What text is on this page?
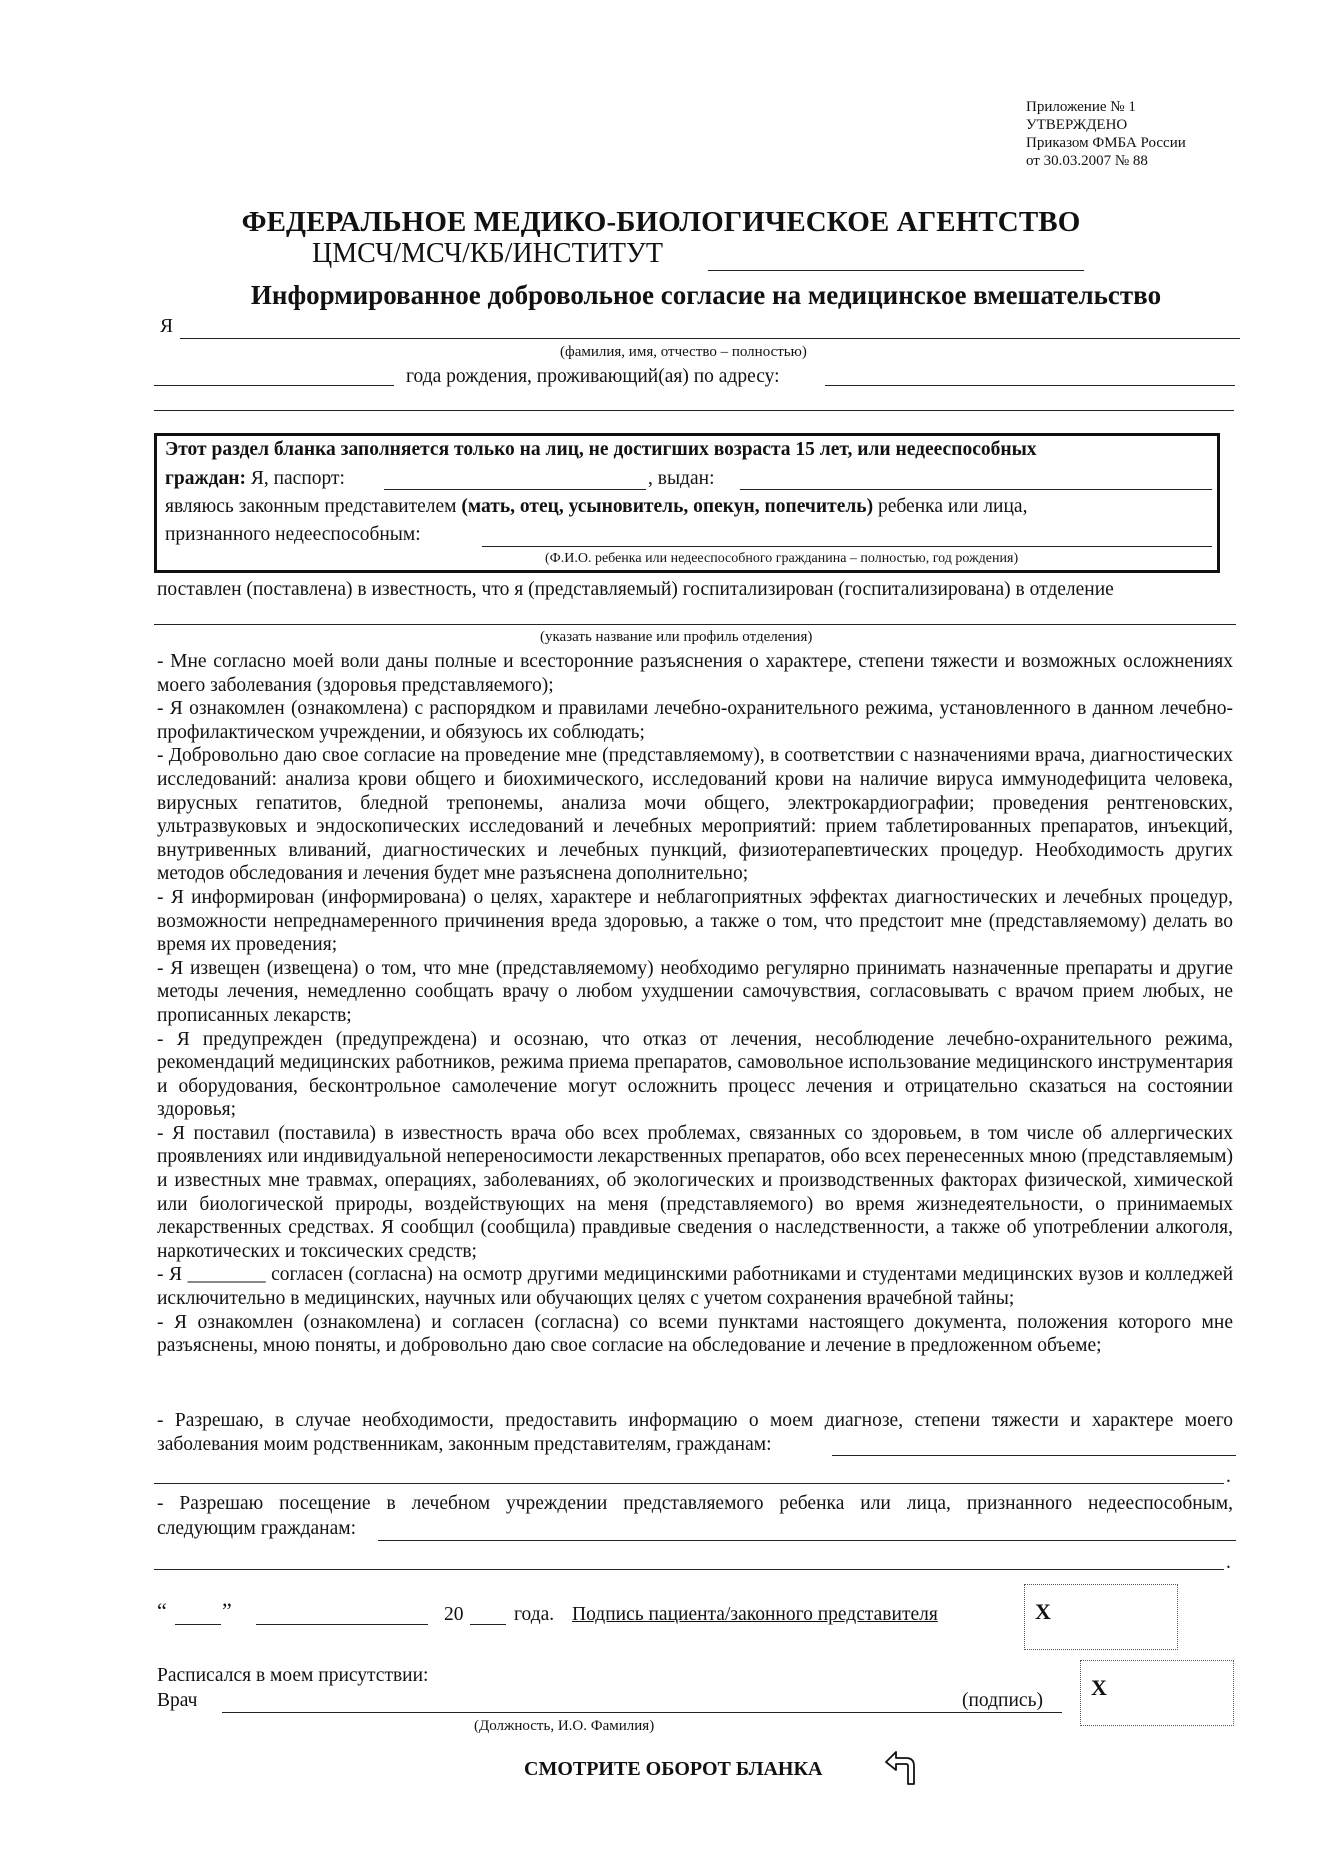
Приложение № 1
УТВЕРЖДЕНО
Приказом ФМБА России
от 30.03.2007 № 88
ФЕДЕРАЛЬНОЕ МЕДИКО-БИОЛОГИЧЕСКОЕ АГЕНТСТВО
ЦМСЧ/МСЧ/КБ/ИНСТИТУТ
Информированное добровольное согласие на медицинское вмешательство
Я
(фамилия, имя, отчество – полностью)
года рождения, проживающий(ая) по адресу:
Этот раздел бланка заполняется только на лиц, не достигших возраста 15 лет, или недееспособных
граждан: Я, паспорт:	, выдан:
являюсь законным представителем (мать, отец, усыновитель, опекун, попечитель) ребенка или лица,
признанного недееспособным:
(Ф.И.О. ребенка или недееспособного гражданина – полностью, год рождения)
поставлен (поставлена) в известность, что я (представляемый) госпитализирован (госпитализирована) в отделение
(указать название или профиль отделения)

- Мне согласно моей воли даны полные и всесторонние разъяснения о характере, степени тяжести и возможных осложнениях моего заболевания (здоровья представляемого);

- Я ознакомлен (ознакомлена) с распорядком и правилами лечебно-охранительного режима, установленного в данном лечебно-профилактическом учреждении, и обязуюсь их соблюдать;

- Добровольно даю свое согласие на проведение мне (представляемому), в соответствии с назначениями врача, диагностических исследований: анализа крови общего и биохимического, исследований крови на наличие вируса иммунодефицита человека, вирусных гепатитов, бледной трепонемы, анализа мочи общего, электрокардиографии; проведения рентгеновских, ультразвуковых и эндоскопических исследований и лечебных мероприятий: прием таблетированных препаратов, инъекций, внутривенных вливаний, диагностических и лечебных пункций, физиотерапевтических процедур. Необходимость других методов обследования и лечения будет мне разъяснена дополнительно;

- Я информирован (информирована) о целях, характере и неблагоприятных эффектах диагностических и лечебных процедур, возможности непреднамеренного причинения вреда здоровью, а также о том, что предстоит мне (представляемому) делать во время их проведения;

- Я извещен (извещена) о том, что мне (представляемому) необходимо регулярно принимать назначенные препараты и другие методы лечения, немедленно сообщать врачу о любом ухудшении самочувствия, согласовывать с врачом прием любых, не прописанных лекарств;

- Я предупрежден (предупреждена) и осознаю, что отказ от лечения, несоблюдение лечебно-охранительного режима, рекомендаций медицинских работников, режима приема препаратов, самовольное использование медицинского инструментария и оборудования, бесконтрольное самолечение могут осложнить процесс лечения и отрицательно сказаться на состоянии здоровья;

- Я поставил (поставила) в известность врача обо всех проблемах, связанных со здоровьем, в том числе об аллергических проявлениях или индивидуальной непереносимости лекарственных препаратов, обо всех перенесенных мною (представляемым) и известных мне травмах, операциях, заболеваниях, об экологических и производственных факторах физической, химической или биологической природы, воздействующих на меня (представляемого) во время жизнедеятельности, о принимаемых лекарственных средствах. Я сообщил (сообщила) правдивые сведения о наследственности, а также об употреблении алкоголя, наркотических и токсических средств;

- Я ________ согласен (согласна) на осмотр другими медицинскими работниками и студентами медицинских вузов и колледжей исключительно в медицинских, научных или обучающих целях с учетом сохранения врачебной тайны;

- Я ознакомлен (ознакомлена) и согласен (согласна) со всеми пунктами настоящего документа, положения которого мне разъяснены, мною поняты, и добровольно даю свое согласие на обследование и лечение в предложенном объеме;

- Разрешаю, в случае необходимости, предоставить информацию о моем диагнозе, степени тяжести и характере моего
заболевания моим родственникам, законным представителям, гражданам:
.
- Разрешаю посещение в лечебном учреждении представляемого ребенка или лица, признанного недееспособным,
следующим гражданам:
.
“	”	20	года. Подпись пациента/законного представителя	X
Расписался в моем присутствии:
Врач	(подпись)
(Должность, И.О. Фамилия)
X
СМОТРИТЕ ОБОРОТ БЛАНКА
